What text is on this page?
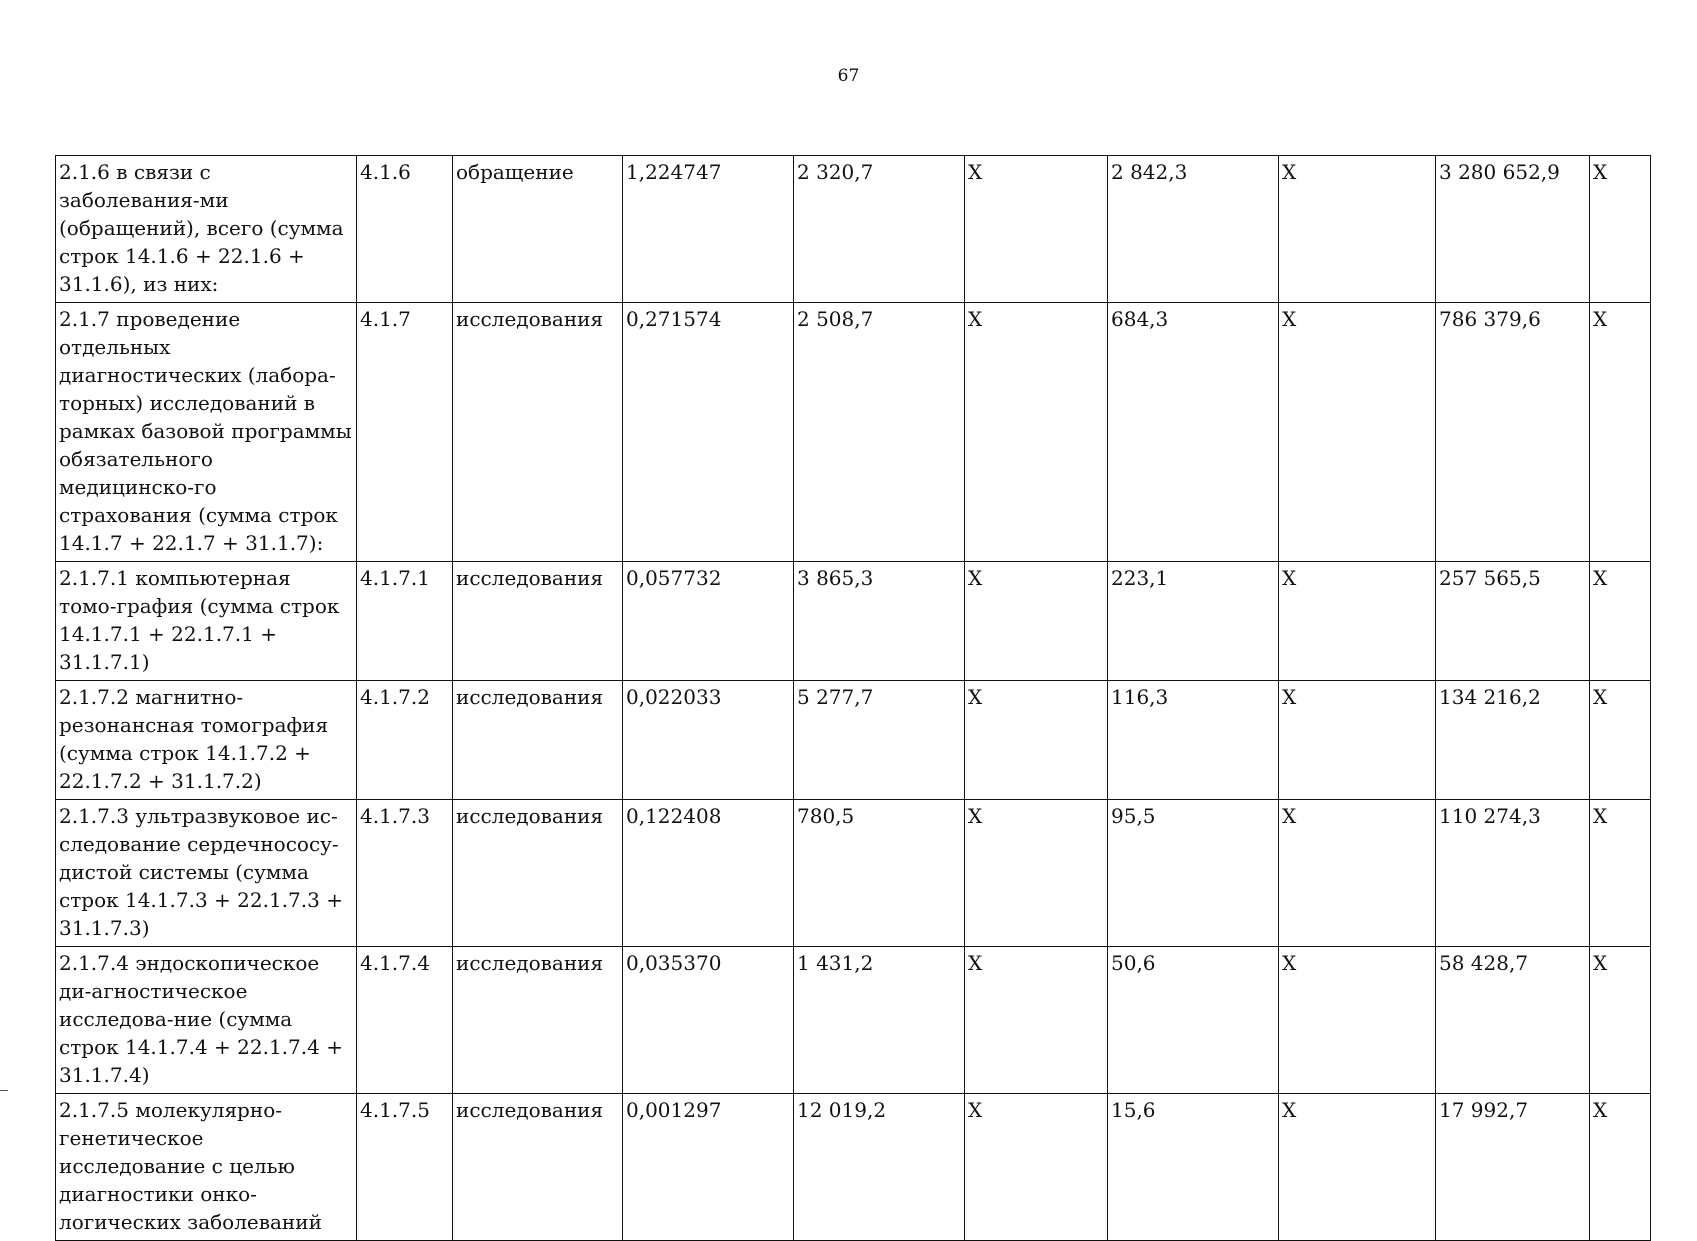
67
2.1.6 в связи с заболевания-ми (обращений), всего (сумма строк 14.1.6 + 22.1.6 + 31.1.6), из них:	4.1.6	обращение	1,224747	2 320,7	X	2 842,3	X	3 280 652,9	X
2.1.7 проведение отдельных диагностических (лабора-торных) исследований в рамках базовой программы обязательного медицинско-го страхования (сумма строк 14.1.7 + 22.1.7 + 31.1.7):	4.1.7	исследования	0,271574	2 508,7	X	684,3	X	786 379,6	X
2.1.7.1 компьютерная томо-графия (сумма строк 14.1.7.1 + 22.1.7.1 + 31.1.7.1)	4.1.7.1	исследования	0,057732	3 865,3	X	223,1	X	257 565,5	X
2.1.7.2 магнитно-резонансная томография (сумма строк 14.1.7.2 + 22.1.7.2 + 31.1.7.2)	4.1.7.2	исследования	0,022033	5 277,7	X	116,3	X	134 216,2	X
2.1.7.3 ультразвуковое ис-следование сердечнососу-дистой системы (сумма строк 14.1.7.3 + 22.1.7.3 + 31.1.7.3)	4.1.7.3	исследования	0,122408	780,5	X	95,5	X	110 274,3	X
2.1.7.4 эндоскопическое ди-агностическое исследова-ние (сумма строк 14.1.7.4 + 22.1.7.4 + 31.1.7.4)	4.1.7.4	исследования	0,035370	1 431,2	X	50,6	X	58 428,7	X
2.1.7.5 молекулярно-генетическое исследование с целью диагностики онко-логических заболеваний	4.1.7.5	исследования	0,001297	12 019,2	X	15,6	X	17 992,7	X
